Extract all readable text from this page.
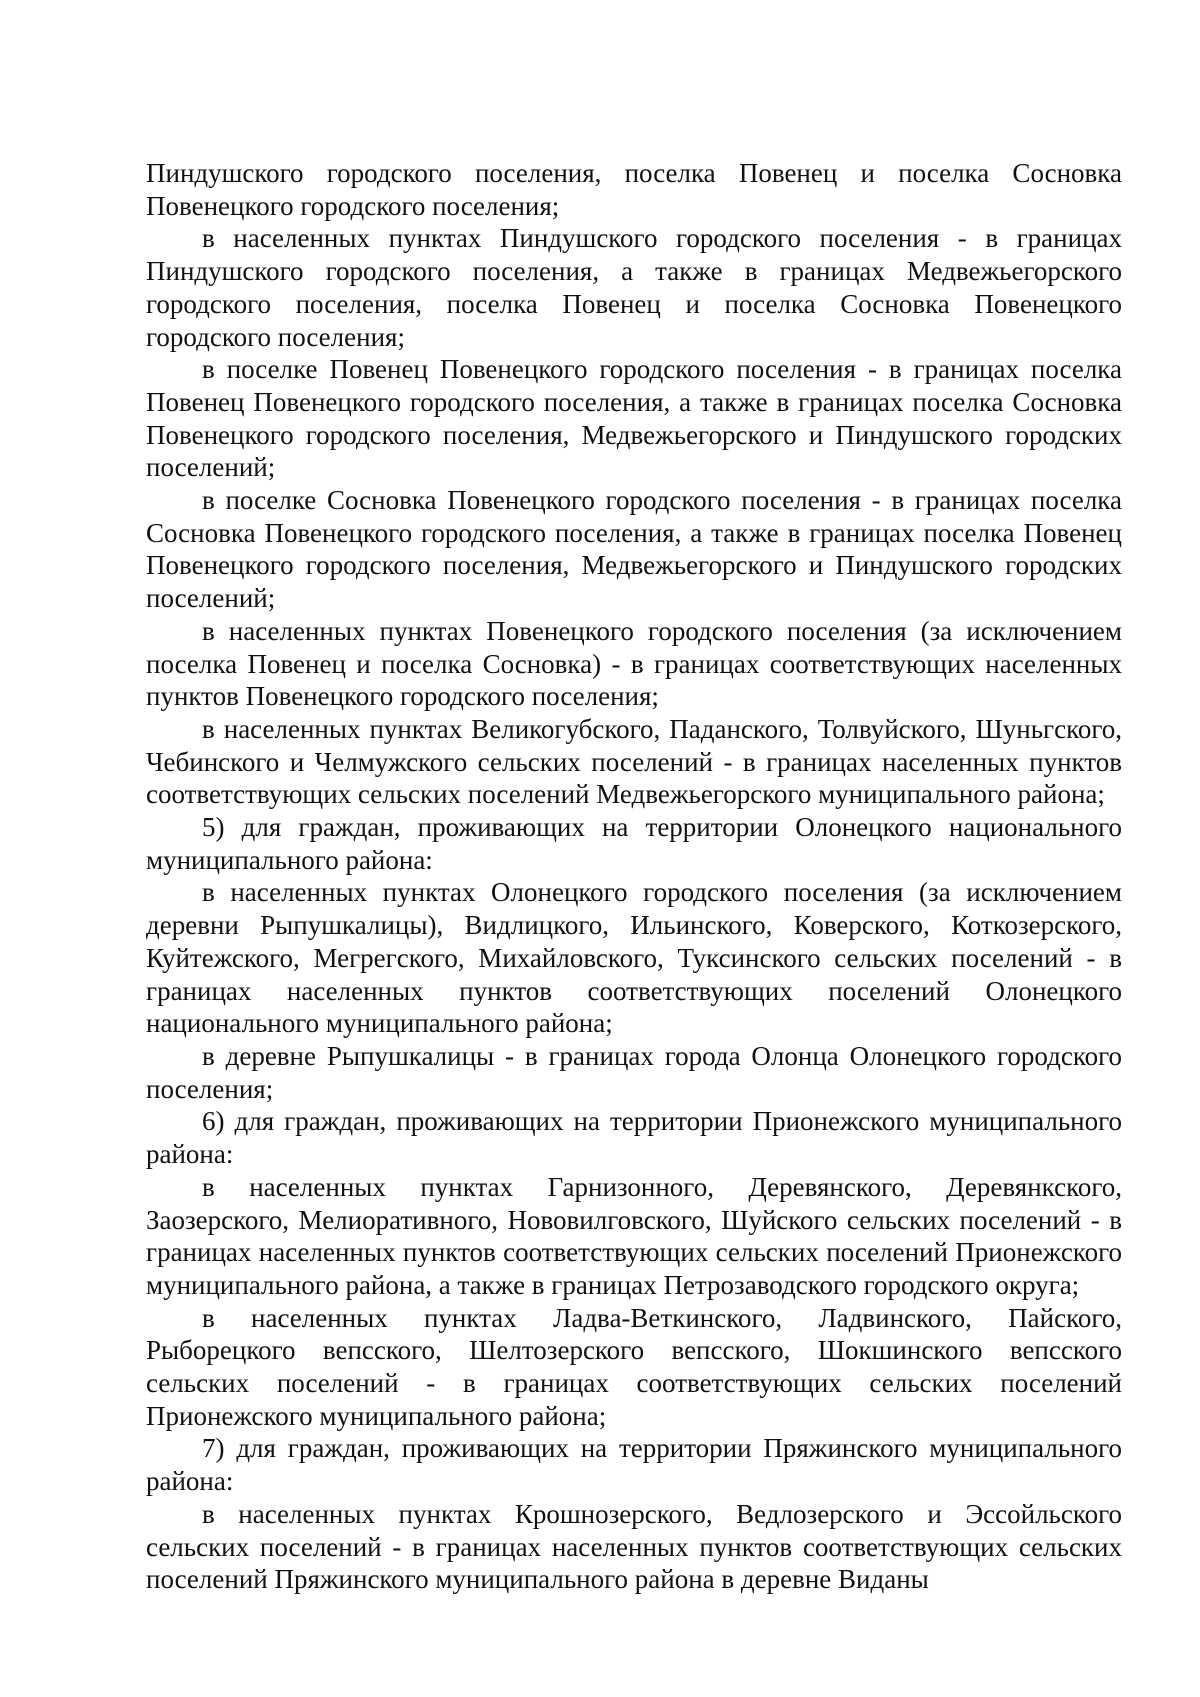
Пиндушского городского поселения, поселка Повенец и поселка Сосновка Повенецкого городского поселения;

в населенных пунктах Пиндушского городского поселения - в границах Пиндушского городского поселения, а также в границах Медвежьегорского городского поселения, поселка Повенец и поселка Сосновка Повенецкого городского поселения;

в поселке Повенец Повенецкого городского поселения - в границах поселка Повенец Повенецкого городского поселения, а также в границах поселка Сосновка Повенецкого городского поселения, Медвежьегорского и Пиндушского городских поселений;

в поселке Сосновка Повенецкого городского поселения - в границах поселка Сосновка Повенецкого городского поселения, а также в границах поселка Повенец Повенецкого городского поселения, Медвежьегорского и Пиндушского городских поселений;

в населенных пунктах Повенецкого городского поселения (за исключением поселка Повенец и поселка Сосновка) - в границах соответствующих населенных пунктов Повенецкого городского поселения;

в населенных пунктах Великогубского, Паданского, Толвуйского, Шуньгского, Чебинского и Челмужского сельских поселений - в границах населенных пунктов соответствующих сельских поселений Медвежьегорского муниципального района;

5) для граждан, проживающих на территории Олонецкого национального муниципального района:

в населенных пунктах Олонецкого городского поселения (за исключением деревни Рыпушкалицы), Видлицкого, Ильинского, Коверского, Коткозерского, Куйтежского, Мегрегского, Михайловского, Туксинского сельских поселений - в границах населенных пунктов соответствующих поселений Олонецкого национального муниципального района;

в деревне Рыпушкалицы - в границах города Олонца Олонецкого городского поселения;

6) для граждан, проживающих на территории Прионежского муниципального района:

в населенных пунктах Гарнизонного, Деревянского, Деревянкского, Заозерского, Мелиоративного, Нововилговского, Шуйского сельских поселений - в границах населенных пунктов соответствующих сельских поселений Прионежского муниципального района, а также в границах Петрозаводского городского округа;

в населенных пунктах Ладва-Веткинского, Ладвинского, Пайского, Рыборецкого вепсского, Шелтозерского вепсского, Шокшинского вепсского сельских поселений - в границах соответствующих сельских поселений Прионежского муниципального района;

7) для граждан, проживающих на территории Пряжинского муниципального района:

в населенных пунктах Крошнозерского, Ведлозерского и Эссойльского сельских поселений - в границах населенных пунктов соответствующих сельских поселений Пряжинского муниципального района в деревне Виданы
